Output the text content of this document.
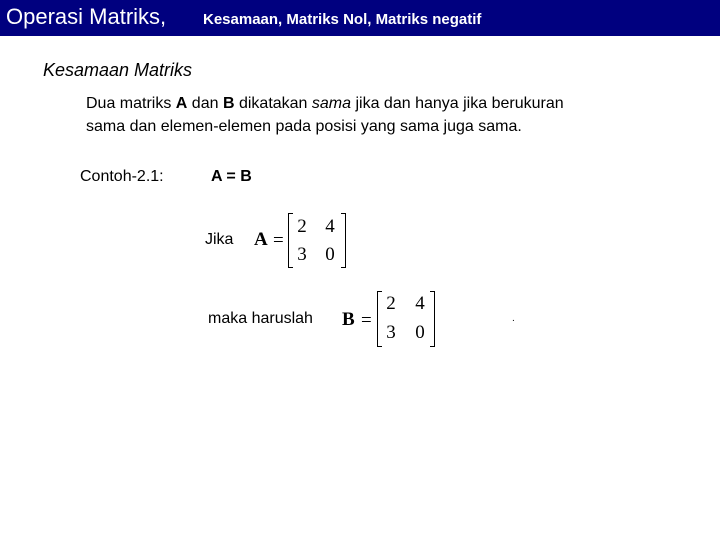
Operasi Matriks, Kesamaan, Matriks Nol, Matriks negatif
Kesamaan Matriks
Dua matriks A dan B dikatakan sama jika dan hanya jika berukuran
sama dan elemen-elemen pada posisi yang sama juga sama.
Contoh-2.1:	A = B
Jika A =
2 4
3 0
maka haruslah B =
2 4
3 0
.
